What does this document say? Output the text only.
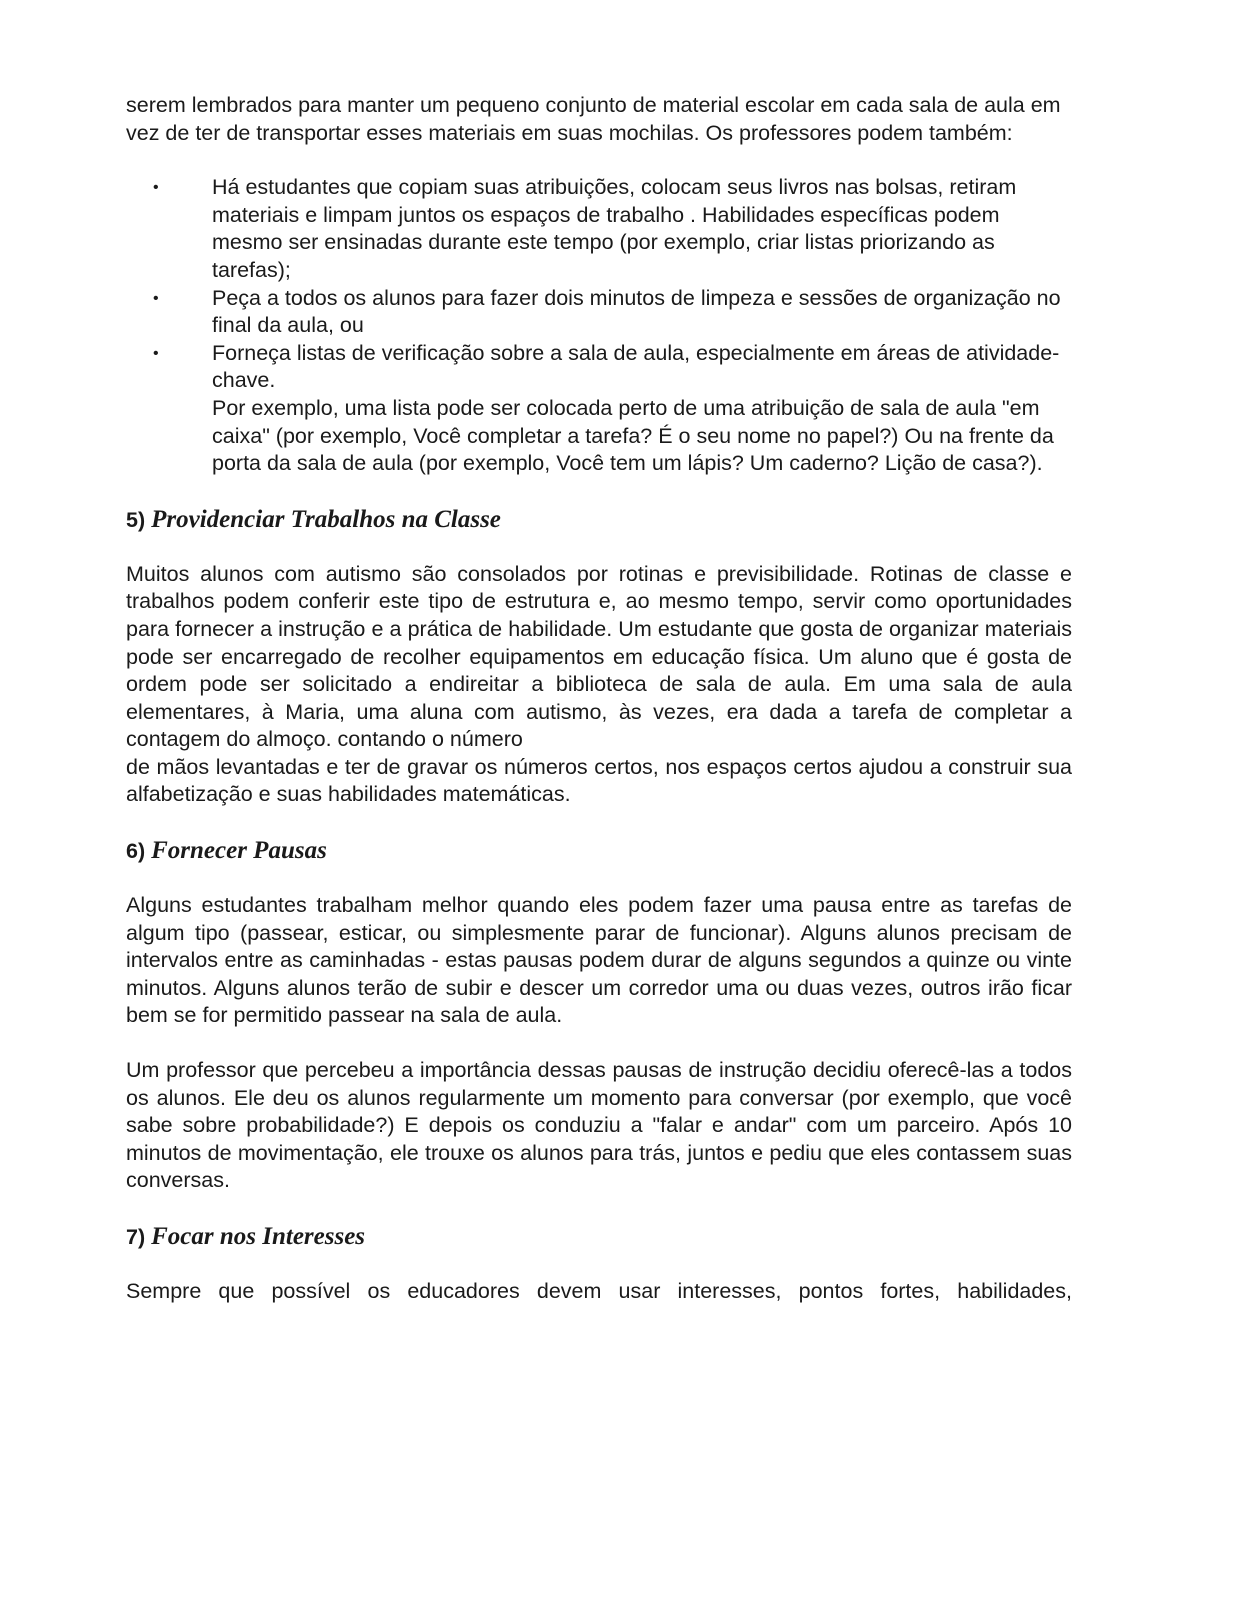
serem lembrados para manter um pequeno conjunto de material escolar em cada sala de aula em vez de ter de transportar esses materiais em suas mochilas. Os professores podem também:

• Há estudantes que copiam suas atribuições, colocam seus livros nas bolsas, retiram materiais e limpam juntos os espaços de trabalho . Habilidades específicas podem mesmo ser ensinadas durante este tempo (por exemplo, criar listas priorizando as tarefas);
• Peça a todos os alunos para fazer dois minutos de limpeza e sessões de organização no final da aula, ou
• Forneça listas de verificação sobre a sala de aula, especialmente em áreas de atividade-chave.
Por exemplo, uma lista pode ser colocada perto de uma atribuição de sala de aula "em caixa" (por exemplo, Você completar a tarefa? É o seu nome no papel?) Ou na frente da porta da sala de aula (por exemplo, Você tem um lápis? Um caderno? Lição de casa?).
5) Providenciar Trabalhos na Classe

Muitos alunos com autismo são consolados por rotinas e previsibilidade. Rotinas de classe e trabalhos podem conferir este tipo de estrutura e, ao mesmo tempo, servir como oportunidades para fornecer a instrução e a prática de habilidade. Um estudante que gosta de organizar materiais pode ser encarregado de recolher equipamentos em educação física. Um aluno que é gosta de ordem pode ser solicitado a endireitar a biblioteca de sala de aula. Em uma sala de aula elementares, à Maria, uma aluna com autismo, às vezes, era dada a tarefa de completar a contagem do almoço. contando o número

de mãos levantadas e ter de gravar os números certos, nos espaços certos ajudou a construir sua alfabetização e suas habilidades matemáticas.

6) Fornecer Pausas

Alguns estudantes trabalham melhor quando eles podem fazer uma pausa entre as tarefas de algum tipo (passear, esticar, ou simplesmente parar de funcionar). Alguns alunos precisam de intervalos entre as caminhadas - estas pausas podem durar de alguns segundos a quinze ou vinte minutos. Alguns alunos terão de subir e descer um corredor uma ou duas vezes, outros irão ficar bem se for permitido passear na sala de aula.

Um professor que percebeu a importância dessas pausas de instrução decidiu oferecê-las a todos os alunos. Ele deu os alunos regularmente um momento para conversar (por exemplo, que você sabe sobre probabilidade?) E depois os conduziu a "falar e andar" com um parceiro. Após 10 minutos de movimentação, ele trouxe os alunos para trás, juntos e pediu que eles contassem suas conversas.

7) Focar nos Interesses

Sempre que possível os educadores devem usar interesses, pontos fortes, habilidades,
